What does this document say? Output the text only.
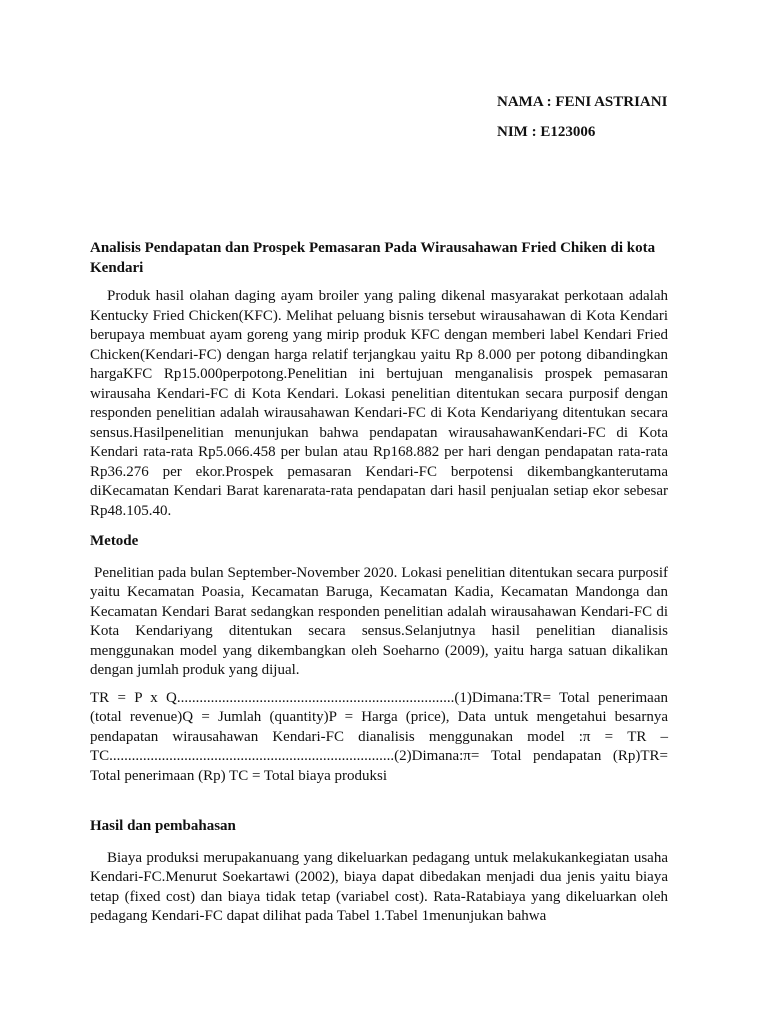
NAMA : FENI ASTRIANI
NIM : E123006
Analisis Pendapatan dan Prospek Pemasaran Pada Wirausahawan Fried Chiken di kota Kendari

Produk hasil olahan daging ayam broiler yang paling dikenal masyarakat perkotaan adalah Kentucky Fried Chicken(KFC). Melihat peluang bisnis tersebut wirausahawan di Kota Kendari berupaya membuat ayam goreng yang mirip produk KFC dengan memberi label Kendari Fried Chicken(Kendari-FC) dengan harga relatif terjangkau yaitu Rp 8.000 per potong dibandingkan hargaKFC Rp15.000perpotong.Penelitian ini bertujuan menganalisis prospek pemasaran wirausaha Kendari-FC di Kota Kendari. Lokasi penelitian ditentukan secara purposif dengan responden penelitian adalah wirausahawan Kendari-FC di Kota Kendariyang ditentukan secara sensus.Hasilpenelitian menunjukan bahwa pendapatan wirausahawanKendari-FC di Kota Kendari rata-rata Rp5.066.458 per bulan atau Rp168.882 per hari dengan pendapatan rata-rata Rp36.276 per ekor.Prospek pemasaran Kendari-FC berpotensi dikembangkanterutama diKecamatan Kendari Barat karenarata-rata pendapatan dari hasil penjualan setiap ekor sebesar Rp48.105.40.

Metode

Penelitian pada bulan September-November 2020. Lokasi penelitian ditentukan secara purposif yaitu Kecamatan Poasia, Kecamatan Baruga, Kecamatan Kadia, Kecamatan Mandonga dan Kecamatan Kendari Barat sedangkan responden penelitian adalah wirausahawan Kendari-FC di Kota Kendariyang ditentukan secara sensus.Selanjutnya hasil penelitian dianalisis menggunakan model yang dikembangkan oleh Soeharno (2009), yaitu harga satuan dikalikan dengan jumlah produk yang dijual.

TR = P x Q..........................................................................(1)Dimana:TR= Total penerimaan (total revenue)Q = Jumlah (quantity)P = Harga (price), Data untuk mengetahui besarnya pendapatan wirausahawan Kendari-FC dianalisis menggunakan model :π = TR – TC............................................................................(2)Dimana:π= Total pendapatan (Rp)TR= Total penerimaan (Rp) TC = Total biaya produksi

Hasil dan pembahasan

Biaya produksi merupakanuang yang dikeluarkan pedagang untuk melakukankegiatan usaha Kendari-FC.Menurut Soekartawi (2002), biaya dapat dibedakan menjadi dua jenis yaitu biaya tetap (fixed cost) dan biaya tidak tetap (variabel cost). Rata-Ratabiaya yang dikeluarkan oleh pedagang Kendari-FC dapat dilihat pada Tabel 1.Tabel 1menunjukan bahwa
